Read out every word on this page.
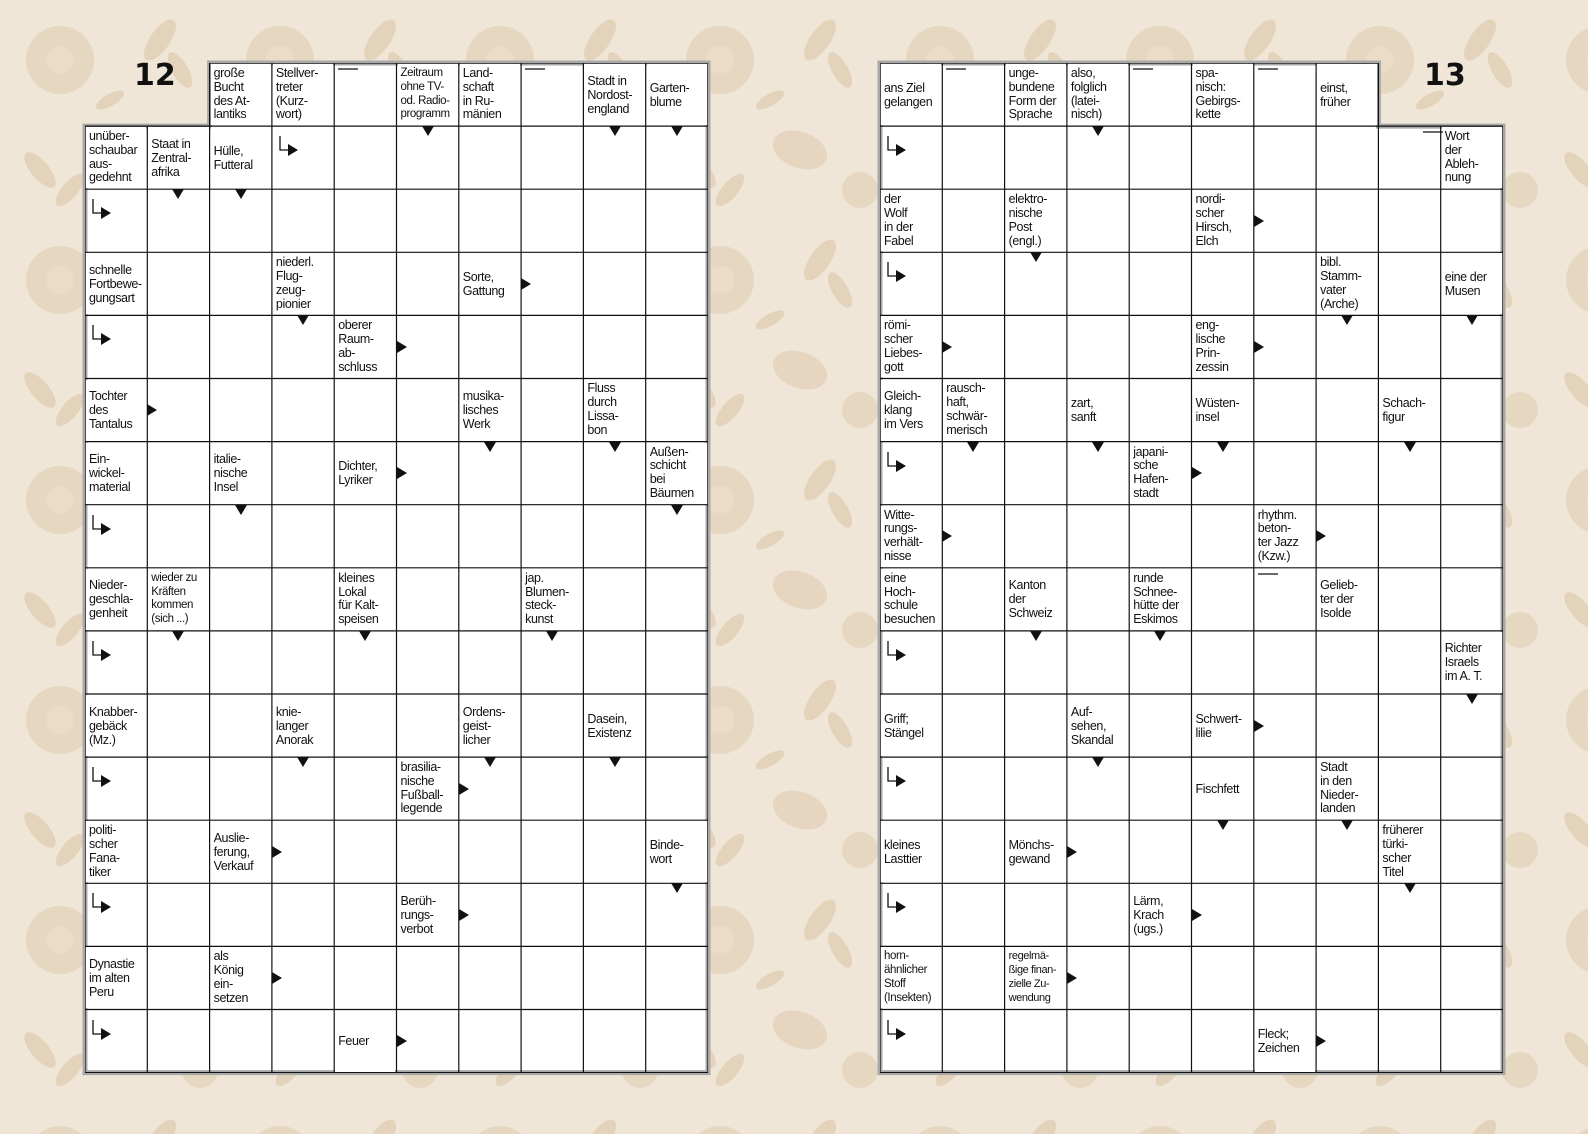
12	13
große
Bucht
des At-
lantiks
Stellver-
treter
(Kurz-
wort)
Zeitraum
ohne TV-
od. Radio-
programm
Land-
schaft
in Ru-
mänien
Stadt in
Nordost-
england
Garten-
blume
unüber-
schaubar
aus-
gedehnt
Staat in
Zentral-
afrika
Hülle,
Futteral
schnelle
Fortbewe-
gungsart
niederl.
Flug-
zeug-
pionier
Sorte,
Gattung
oberer
Raum-
ab-
schluss
Tochter
des
Tantalus
musika-
lisches
Werk
Fluss
durch
Lissa-
bon
Ein-
wickel-
material
italie-
nische
Insel
Dichter,
Lyriker
Außen-
schicht
bei
Bäumen
Nieder-
geschla-
genheit
wieder zu
Kräften
kommen
(sich ...)
kleines
Lokal
für Kalt-
speisen
jap.
Blumen-
steck-
kunst
Knabber-
gebäck
(Mz.)
knie-
langer
Anorak
Ordens-
geist-
licher
Dasein,
Existenz
brasilia-
nische
Fußball-
legende
politi-
scher
Fana-
tiker
Auslie-
ferung,
Verkauf
Binde-
wort
Berüh-
rungs-
verbot
Dynastie
im alten
Peru
als
König
ein-
setzen
Feuer
ans Ziel
gelangen
unge-
bundene
Form der
Sprache
also,
folglich
(latei-
nisch)
spa-
nisch:
Gebirgs-
kette
einst,
früher
Wort
der
Ableh-
nung
der
Wolf
in der
Fabel
elektro-
nische
Post
(engl.)
nordi-
scher
Hirsch,
Elch
bibl.
Stamm-
vater
(Arche)
eine der
Musen
römi-
scher
Liebes-
gott
eng-
lische
Prin-
zessin
Gleich-
klang
im Vers
rausch-
haft,
schwär-
merisch
zart,
sanft
Wüsten-
insel
Schach-
figur
japani-
sche
Hafen-
stadt
Witte-
rungs-
verhält-
nisse
rhythm.
beton-
ter Jazz
(Kzw.)
eine
Hoch-
schule
besuchen
Kanton
der
Schweiz
runde
Schnee-
hütte der
Eskimos
Gelieb-
ter der
Isolde
Richter
Israels
im A. T.
Griff;
Stängel
Auf-
sehen,
Skandal
Schwert-
lilie
Fischfett
Stadt
in den
Nieder-
landen
kleines
Lasttier
Mönchs-
gewand
früherer
türki-
scher
Titel
Lärm,
Krach
(ugs.)
horn-
ähnlicher
Stoff
(Insekten)
regelmä-
ßige finan-
zielle Zu-
wendung
Fleck;
Zeichen
